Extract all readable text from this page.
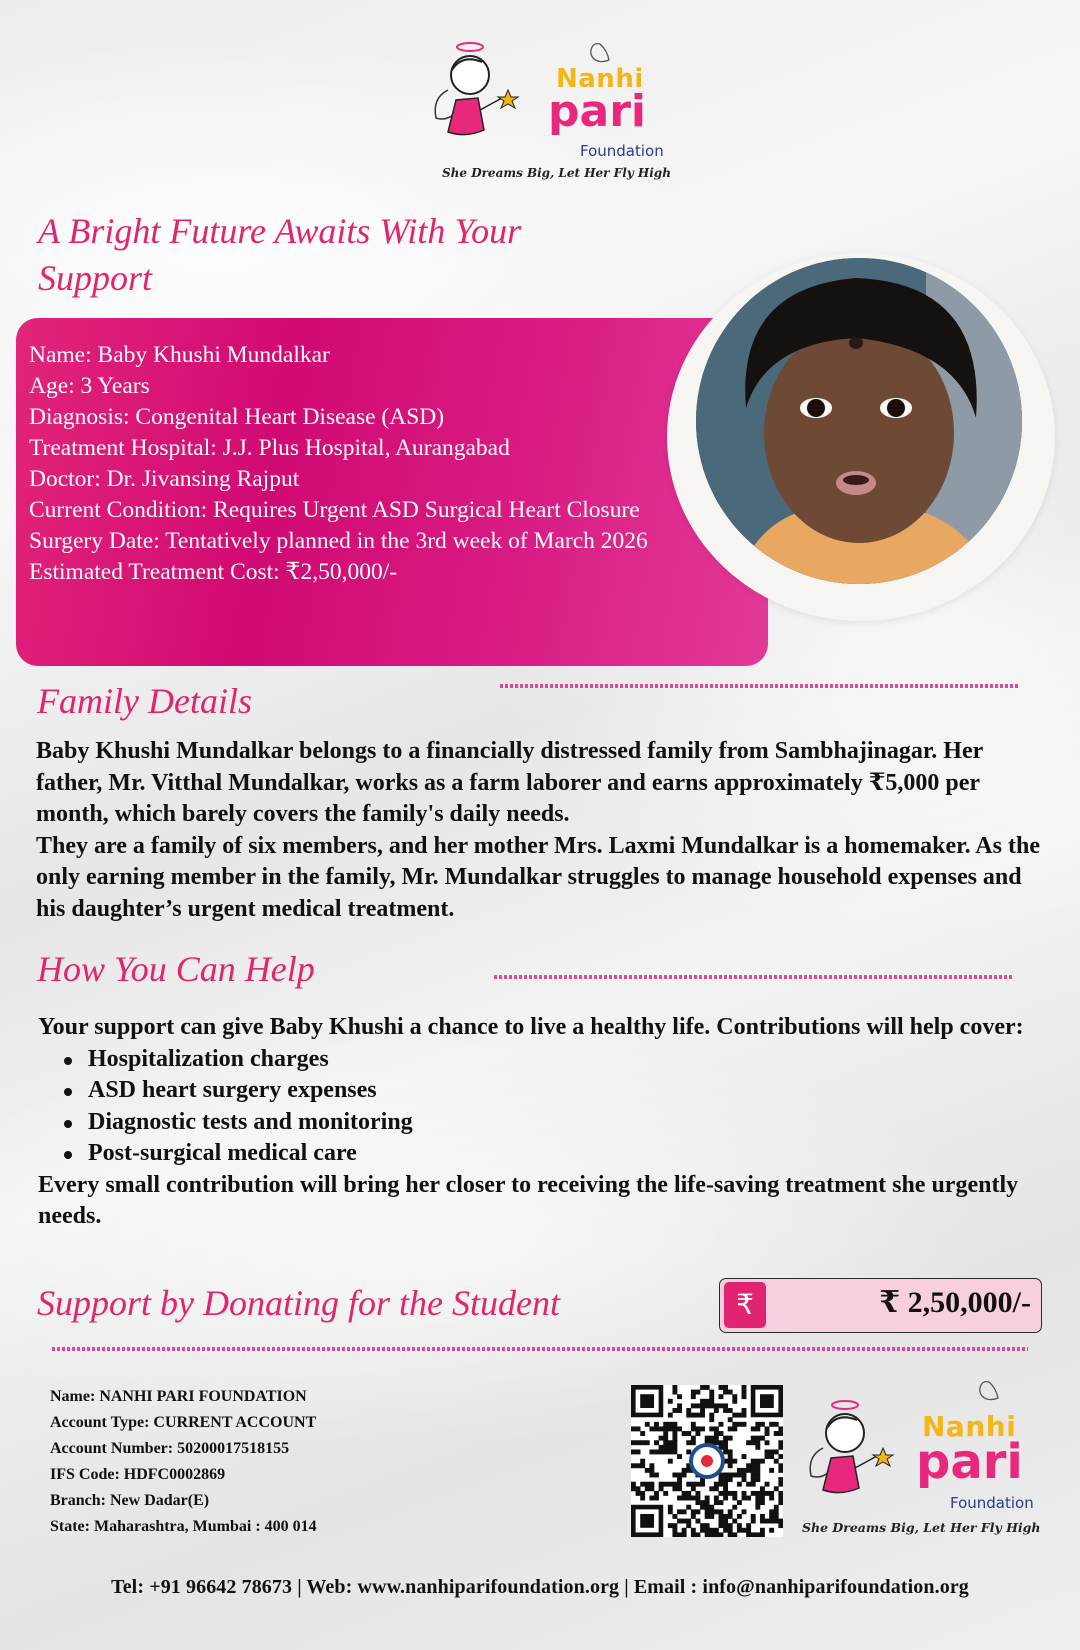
Nanhi
pari
Foundation
She Dreams Big, Let Her Fly High
A Bright Future Awaits With Your Support
Name: Baby Khushi Mundalkar
Age: 3 Years
Diagnosis: Congenital Heart Disease (ASD)
Treatment Hospital: J.J. Plus Hospital, Aurangabad
Doctor: Dr. Jivansing Rajput
Current Condition: Requires Urgent ASD Surgical Heart Closure
Surgery Date: Tentatively planned in the 3rd week of March 2026
Estimated Treatment Cost: ₹2,50,000/-
Family Details

Baby Khushi Mundalkar belongs to a financially distressed family from Sambhajinagar. Her father, Mr. Vitthal Mundalkar, works as a farm laborer and earns approximately ₹5,000 per month, which barely covers the family's daily needs.

They are a family of six members, and her mother Mrs. Laxmi Mundalkar is a homemaker. As the only earning member in the family, Mr. Mundalkar struggles to manage household expenses and his daughter’s urgent medical treatment.

How You Can Help

Your support can give Baby Khushi a chance to live a healthy life. Contributions will help cover:

Hospitalization charges
ASD heart surgery expenses
Diagnostic tests and monitoring
Post-surgical medical care

Every small contribution will bring her closer to receiving the life-saving treatment she urgently needs.

Support by Donating for the Student	₹	₹ 2,50,000/-
Name: NANHI PARI FOUNDATION
Account Type: CURRENT ACCOUNT
Account Number: 50200017518155
IFS Code: HDFC0002869
Branch: New Dadar(E)
State: Maharashtra, Mumbai : 400 014
Nanhi
pari
Foundation
She Dreams Big, Let Her Fly High
Tel: +91 96642 78673 | Web: www.nanhiparifoundation.org | Email : info@nanhiparifoundation.org
